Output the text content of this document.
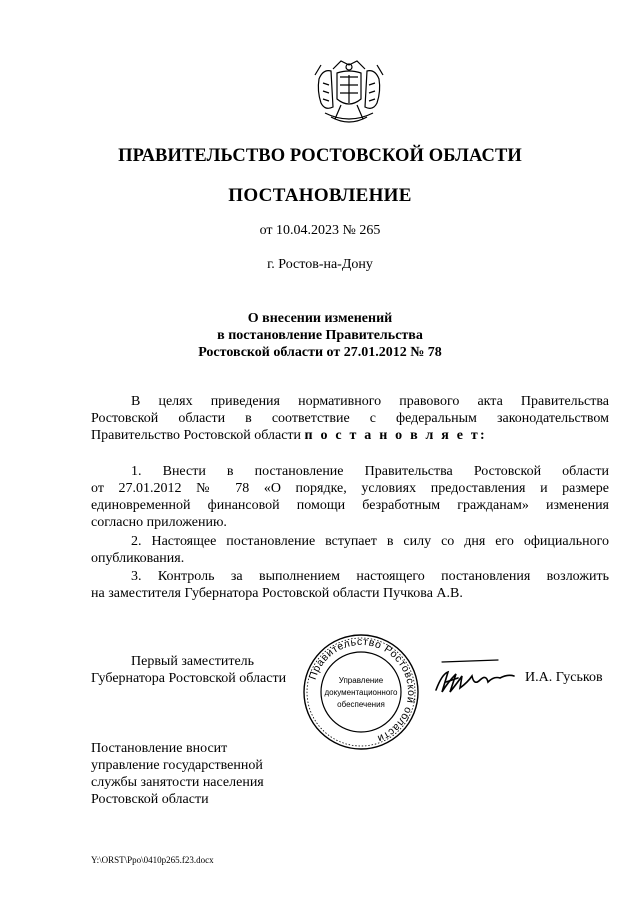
ПРАВИТЕЛЬСТВО РОСТОВСКОЙ ОБЛАСТИ
ПОСТАНОВЛЕНИЕ
от 10.04.2023 № 265
г. Ростов-на-Дону
О внесении изменений
в постановление Правительства
Ростовской области от 27.01.2012 № 78
В целях приведения нормативного правового акта Правительства
Ростовской области в соответствие с федеральным законодательством
Правительство Ростовской области п о с т а н о в л я е т:
1. Внести в постановление Правительства Ростовской области
от 27.01.2012 № 78 «О порядке, условиях предоставления и размере
единовременной финансовой помощи безработным гражданам» изменения
согласно приложению.
2. Настоящее постановление вступает в силу со дня его официального
опубликования.
3. Контроль за выполнением настоящего постановления возложить
на заместителя Губернатора Ростовской области Пучкова А.В.
Первый заместитель
Губернатора Ростовской области Правительство Ростовской области
Управление
документационного
обеспечения
И.А. Гуськов
Постановление вносит
управление государственной
службы занятости населения
Ростовской области
Y:\ORST\Ppo\0410p265.f23.docx
